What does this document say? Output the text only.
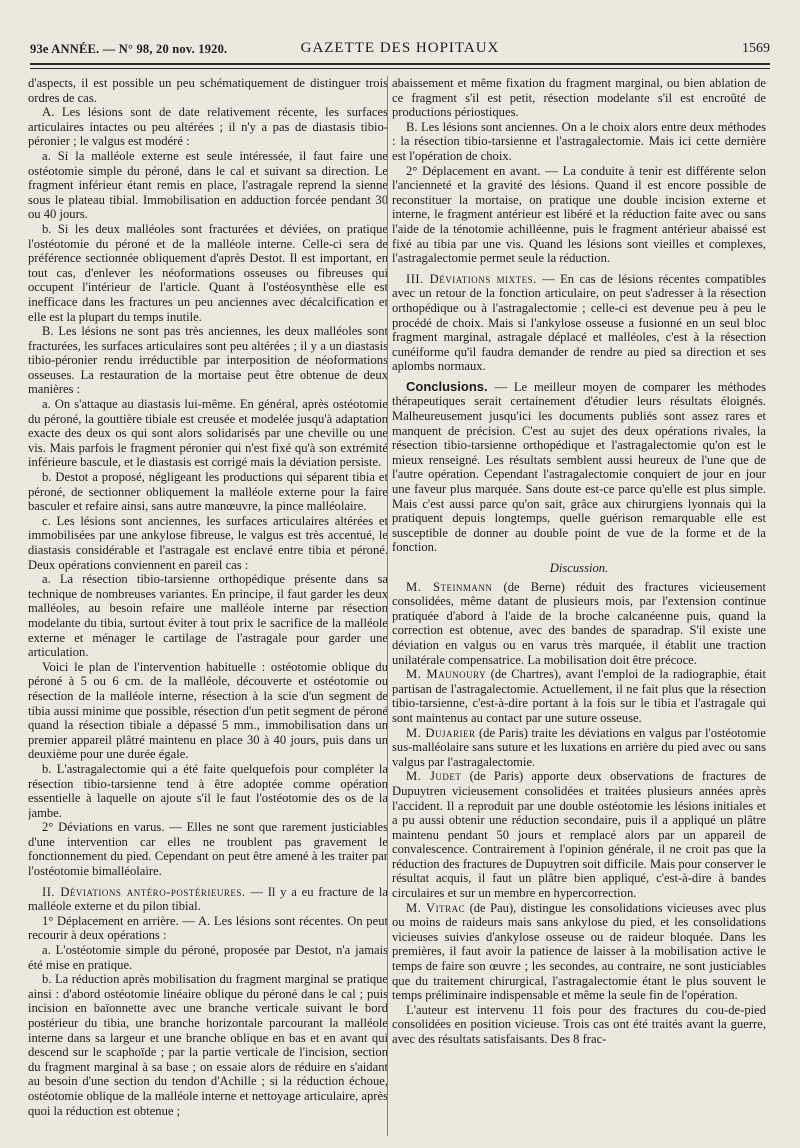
93e ANNÉE. — N° 98, 20 nov. 1920.	GAZETTE DES HOPITAUX	1569

d'aspects, il est possible un peu schématiquement de distinguer trois ordres de cas.

A. Les lésions sont de date relativement récente, les surfaces articulaires intactes ou peu altérées ; il n'y a pas de diastasis tibio-péronier ; le valgus est modéré :

a. Si la malléole externe est seule intéressée, il faut faire une ostéotomie simple du péroné, dans le cal et suivant sa direction. Le fragment inférieur étant remis en place, l'astragale reprend la sienne sous le plateau tibial. Immobilisation en adduction forcée pendant 30 ou 40 jours.

b. Si les deux malléoles sont fracturées et déviées, on pratique l'ostéotomie du péroné et de la malléole interne. Celle-ci sera de préférence sectionnée obliquement d'après Destot. Il est important, en tout cas, d'enlever les néoformations osseuses ou fibreuses qui occupent l'intérieur de l'article. Quant à l'ostéosynthèse elle est inefficace dans les fractures un peu anciennes avec décalcification et elle est la plupart du temps inutile.

B. Les lésions ne sont pas très anciennes, les deux malléoles sont fracturées, les surfaces articulaires sont peu altérées ; il y a un diastasis tibio-péronier rendu irréductible par interposition de néoformations osseuses. La restauration de la mortaise peut être obtenue de deux manières :

a. On s'attaque au diastasis lui-même. En général, après ostéotomie du péroné, la gouttière tibiale est creusée et modelée jusqu'à adaptation exacte des deux os qui sont alors solidarisés par une cheville ou une vis. Mais parfois le fragment péronier qui n'est fixé qu'à son extrémité inférieure bascule, et le diastasis est corrigé mais la déviation persiste.

b. Destot a proposé, négligeant les productions qui séparent tibia et péroné, de sectionner obliquement la malléole externe pour la faire basculer et refaire ainsi, sans autre manœuvre, la pince malléolaire.

c. Les lésions sont anciennes, les surfaces articulaires altérées et immobilisées par une ankylose fibreuse, le valgus est très accentué, le diastasis considérable et l'astragale est enclavé entre tibia et péroné. Deux opérations conviennent en pareil cas :

a. La résection tibio-tarsienne orthopédique présente dans sa technique de nombreuses variantes. En principe, il faut garder les deux malléoles, au besoin refaire une malléole interne par résection modelante du tibia, surtout éviter à tout prix le sacrifice de la malléole externe et ménager le cartilage de l'astragale pour garder une articulation.

Voici le plan de l'intervention habituelle : ostéotomie oblique du péroné à 5 ou 6 cm. de la malléole, découverte et ostéotomie ou résection de la malléole interne, résection à la scie d'un segment de tibia aussi minime que possible, résection d'un petit segment de péroné quand la résection tibiale a dépassé 5 mm., immobilisation dans un premier appareil plâtré maintenu en place 30 à 40 jours, puis dans un deuxième pour une durée égale.

b. L'astragalectomie qui a été faite quelquefois pour compléter la résection tibio-tarsienne tend à être adoptée comme opération essentielle à laquelle on ajoute s'il le faut l'ostéotomie des os de la jambe.

2° Déviations en varus. — Elles ne sont que rarement justiciables d'une intervention car elles ne troublent pas gravement le fonctionnement du pied. Cependant on peut être amené à les traiter par l'ostéotomie bimalléolaire.

II. Déviations antéro-postérieures. — Il y a eu fracture de la malléole externe et du pilon tibial.

1° Déplacement en arrière. — A. Les lésions sont récentes. On peut recourir à deux opérations :

a. L'ostéotomie simple du péroné, proposée par Destot, n'a jamais été mise en pratique.

b. La réduction après mobilisation du fragment marginal se pratique ainsi : d'abord ostéotomie linéaire oblique du péroné dans le cal ; puis incision en baïonnette avec une branche verticale suivant le bord postérieur du tibia, une branche horizontale parcourant la malléole interne dans sa largeur et une branche oblique en bas et en avant qui descend sur le scaphoïde ; par la partie verticale de l'incision, section du fragment marginal à sa base ; on essaie alors de réduire en s'aidant au besoin d'une section du tendon d'Achille ; si la réduction échoue, ostéotomie oblique de la malléole interne et nettoyage articulaire, après quoi la réduction est obtenue ;

abaissement et même fixation du fragment marginal, ou bien ablation de ce fragment s'il est petit, résection modelante s'il est encroûté de productions périostiques.

B. Les lésions sont anciennes. On a le choix alors entre deux méthodes : la résection tibio-tarsienne et l'astragalectomie. Mais ici cette dernière est l'opération de choix.

2° Déplacement en avant. — La conduite à tenir est différente selon l'ancienneté et la gravité des lésions. Quand il est encore possible de reconstituer la mortaise, on pratique une double incision externe et interne, le fragment antérieur est libéré et la réduction faite avec ou sans l'aide de la ténotomie achilléenne, puis le fragment antérieur abaissé est fixé au tibia par une vis. Quand les lésions sont vieilles et complexes, l'astragalectomie permet seule la réduction.

III. Déviations mixtes. — En cas de lésions récentes compatibles avec un retour de la fonction articulaire, on peut s'adresser à la résection orthopédique ou à l'astragalectomie ; celle-ci est devenue peu à peu le procédé de choix. Mais si l'ankylose osseuse a fusionné en un seul bloc fragment marginal, astragale déplacé et malléoles, c'est à la résection cunéiforme qu'il faudra demander de rendre au pied sa direction et ses aplombs normaux.

Conclusions. — Le meilleur moyen de comparer les méthodes thérapeutiques serait certainement d'étudier leurs résultats éloignés. Malheureusement jusqu'ici les documents publiés sont assez rares et manquent de précision. C'est au sujet des deux opérations rivales, la résection tibio-tarsienne orthopédique et l'astragalectomie qu'on est le mieux renseigné. Les résultats semblent aussi heureux de l'une que de l'autre opération. Cependant l'astragalectomie conquiert de jour en jour une faveur plus marquée. Sans doute est-ce parce qu'elle est plus simple. Mais c'est aussi parce qu'on sait, grâce aux chirurgiens lyonnais qui la pratiquent depuis longtemps, quelle guérison remarquable elle est susceptible de donner au double point de vue de la forme et de la fonction.

Discussion.

M. Steinmann (de Berne) réduit des fractures vicieusement consolidées, même datant de plusieurs mois, par l'extension continue pratiquée d'abord à l'aide de la broche calcanéenne puis, quand la correction est obtenue, avec des bandes de sparadrap. S'il existe une déviation en valgus ou en varus très marquée, il établit une traction unilatérale compensatrice. La mobilisation doit être précoce.

M. Maunoury (de Chartres), avant l'emploi de la radiographie, était partisan de l'astragalectomie. Actuellement, il ne fait plus que la résection tibio-tarsienne, c'est-à-dire portant à la fois sur le tibia et l'astragale qui sont maintenus au contact par une suture osseuse.

M. Dujarier (de Paris) traite les déviations en valgus par l'ostéotomie sus-malléolaire sans suture et les luxations en arrière du pied avec ou sans valgus par l'astragalectomie.

M. Judet (de Paris) apporte deux observations de fractures de Dupuytren vicieusement consolidées et traitées plusieurs années après l'accident. Il a reproduit par une double ostéotomie les lésions initiales et a pu aussi obtenir une réduction secondaire, puis il a appliqué un plâtre maintenu pendant 50 jours et remplacé alors par un appareil de convalescence. Contrairement à l'opinion générale, il ne croit pas que la réduction des fractures de Dupuytren soit difficile. Mais pour conserver le résultat acquis, il faut un plâtre bien appliqué, c'est-à-dire à bandes circulaires et sur un membre en hypercorrection.

M. Vitrac (de Pau), distingue les consolidations vicieuses avec plus ou moins de raideurs mais sans ankylose du pied, et les consolidations vicieuses suivies d'ankylose osseuse ou de raideur bloquée. Dans les premières, il faut avoir la patience de laisser à la mobilisation active le temps de faire son œuvre ; les secondes, au contraire, ne sont justiciables que du traitement chirurgical, l'astragalectomie étant le plus souvent le temps préliminaire indispensable et même la seule fin de l'opération.

L'auteur est intervenu 11 fois pour des fractures du cou-de-pied consolidées en position vicieuse. Trois cas ont été traités avant la guerre, avec des résultats satisfaisants. Des 8 frac-
